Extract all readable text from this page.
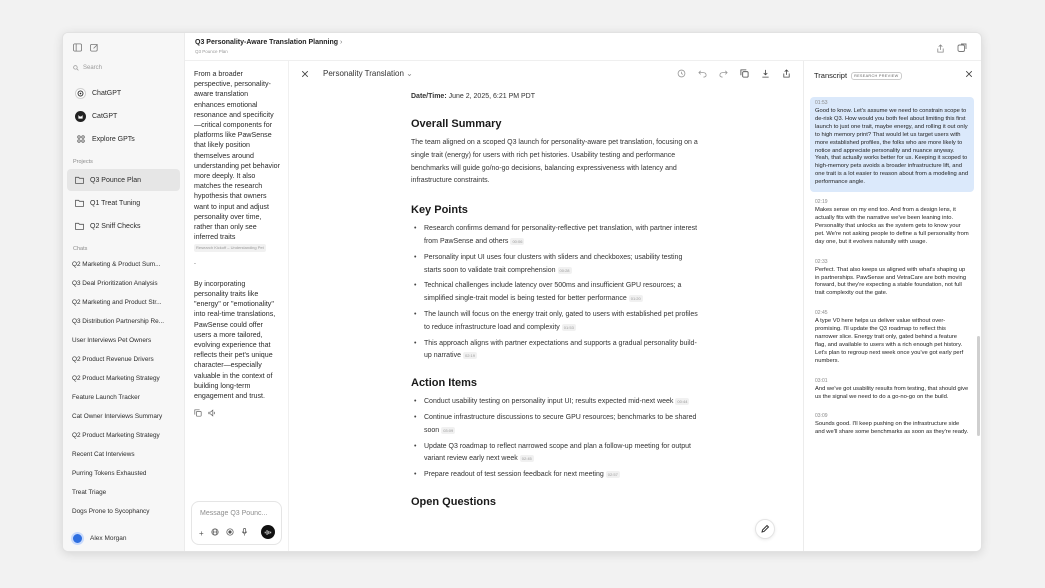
Search
ChatGPT
CatGPT
Explore GPTs
Projects
Q3 Pounce Plan
Q1 Treat Tuning
Q2 Sniff Checks
Chats
Q2 Marketing & Product Sum...
Q3 Deal Prioritization Analysis
Q2 Marketing and Product Str...
Q3 Distribution Partnership Re...
User Interviews Pet Owners
Q2 Product Revenue Drivers
Q2 Product Marketing Strategy
Feature Launch Tracker
Cat Owner Interviews Summary
Q2 Product Marketing Strategy
Recent Cat Interviews
Purring Tokens Exhausted
Treat Triage
Dogs Prone to Sycophancy
Alex Morgan
Q3 Personality-Aware Translation Planning ›
Q3 Pounce Plan
From a broader perspective, personality-aware translation enhances emotional resonance and specificity—critical components for platforms like PawSense that likely position themselves around understanding pet behavior more deeply. It also matches the research hypothesis that owners want to input and adjust personality over time, rather than only see inferred traits Research Kickoff – Understanding Pet
.
By incorporating personality traits like "energy" or "emotionality" into real-time translations, PawSense could offer users a more tailored, evolving experience that reflects their pet's unique character—especially valuable in the context of building long-term engagement and trust.
Message Q3 Pounc...
+
Personality Translation ⌄
Date/Time: June 2, 2025, 6:21 PM PDT
Overall Summary
The team aligned on a scoped Q3 launch for personality-aware pet translation, focusing on a single trait (energy) for users with rich pet histories. Usability testing and performance benchmarks will guide go/no-go decisions, balancing expressiveness with latency and infrastructure constraints.
Key Points
• Research confirms demand for personality-reflective pet translation, with partner interest from PawSense and others 00:06
• Personality input UI uses four clusters with sliders and checkboxes; usability testing starts soon to validate trait comprehension 00:28
• Technical challenges include latency over 500ms and insufficient GPU resources; a simplified single-trait model is being tested for better performance 01:20
• The launch will focus on the energy trait only, gated to users with established pet profiles to reduce infrastructure load and complexity 01:53
• This approach aligns with partner expectations and supports a gradual personality build-up narrative 02:19
Action Items
• Conduct usability testing on personality input UI; results expected mid-next week 00:44
• Continue infrastructure discussions to secure GPU resources; benchmarks to be shared soon 03:09
• Update Q3 roadmap to reflect narrowed scope and plan a follow-up meeting for output variant review early next week 02:45
• Prepare readout of test session feedback for next meeting 02:57
Open Questions
Transcript	RESEARCH PREVIEW
01:53
Good to know. Let's assume we need to constrain scope to de-risk Q3. How would you both feel about limiting this first launch to just one trait, maybe energy, and rolling it out only to high memory print? That would let us target users with more established profiles, the folks who are more likely to notice and appreciate personality and nuance anyway. Yeah, that actually works better for us. Keeping it scoped to high-memory pets avoids a broader infrastructure lift, and one trait is a lot easier to reason about from a modeling and performance angle.
02:19
Makes sense on my end too. And from a design lens, it actually fits with the narrative we've been leaning into. Personality that unlocks as the system gets to know your pet. We're not asking people to define a full personality from day one, but it evolves naturally with usage.
02:33
Perfect. That also keeps us aligned with what's shaping up in partnerships. PawSense and VetraCare are both moving forward, but they're expecting a stable foundation, not full trait complexity out the gate.
02:45
A type V0 here helps us deliver value without over-promising. I'll update the Q3 roadmap to reflect this narrower slice. Energy trait only, gated behind a feature flag, and available to users with a rich enough pet history. Let's plan to regroup next week once you've got early perf numbers.
03:01
And we've got usability results from testing, that should give us the signal we need to do a go-no-go on the build.
03:09
Sounds good. I'll keep pushing on the infrastructure side and we'll share some benchmarks as soon as they're ready.
